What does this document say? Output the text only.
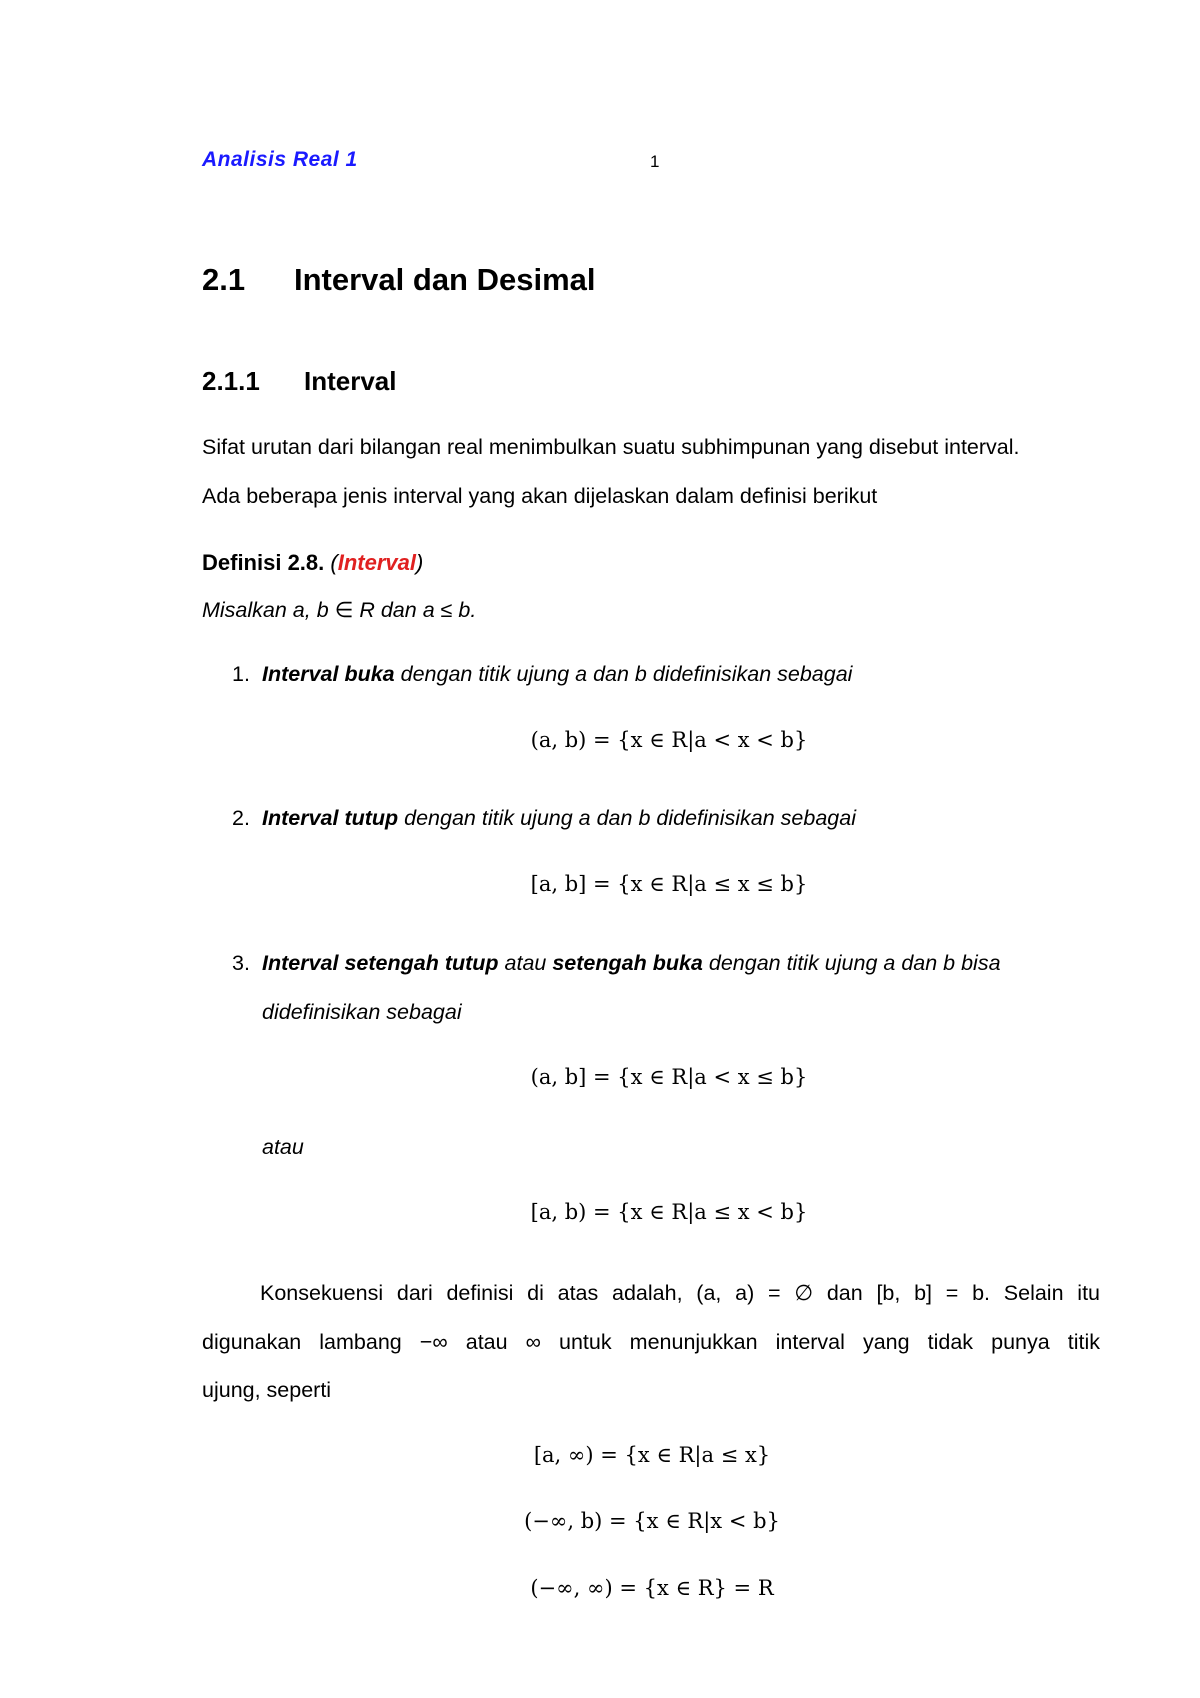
Analisis Real 1	1
2.1 Interval dan Desimal
2.1.1 Interval
Sifat urutan dari bilangan real menimbulkan suatu subhimpunan yang disebut interval.
Ada beberapa jenis interval yang akan dijelaskan dalam definisi berikut
Definisi 2.8. (Interval)
Misalkan a, b ∈ R dan a ≤ b.
1. Interval buka dengan titik ujung a dan b didefinisikan sebagai
(a, b) = {x ∈ R|a < x < b}
2. Interval tutup dengan titik ujung a dan b didefinisikan sebagai
[a, b] = {x ∈ R|a ≤ x ≤ b}
3. Interval setengah tutup atau setengah buka dengan titik ujung a dan b bisa
didefinisikan sebagai
(a, b] = {x ∈ R|a < x ≤ b}
atau
[a, b) = {x ∈ R|a ≤ x < b}
Konsekuensi dari definisi di atas adalah, (a, a) = ∅ dan [b, b] = b. Selain itu
digunakan lambang −∞ atau ∞ untuk menunjukkan interval yang tidak punya titik
ujung, seperti
[a, ∞) = {x ∈ R|a ≤ x}
(−∞, b) = {x ∈ R|x < b}
(−∞, ∞) = {x ∈ R} = R
